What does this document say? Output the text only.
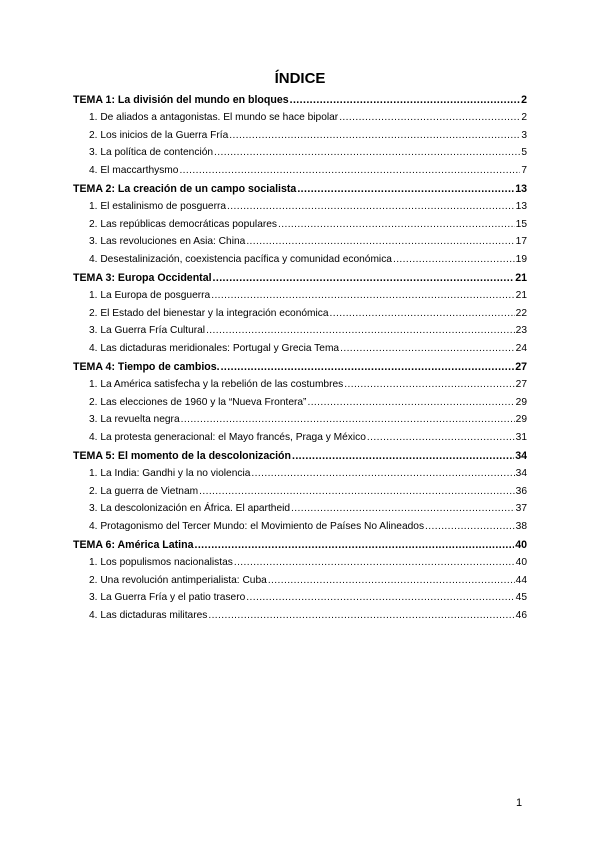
ÍNDICE
TEMA 1: La división del mundo en bloques .....	2
1. De aliados a antagonistas. El mundo se hace bipolar .....	2
2. Los inicios de la Guerra Fría .....	3
3. La política de contención .....	5
4. El maccarthysmo .....	7
TEMA 2: La creación de un campo socialista .....	13
1. El estalinismo de posguerra .....	13
2. Las repúblicas democráticas populares .....	15
3. Las revoluciones en Asia: China .....	17
4. Desestalinización, coexistencia pacífica y comunidad económica .....	19
TEMA 3: Europa Occidental .....	21
1. La Europa de posguerra .....	21
2. El Estado del bienestar y la integración económica .....	22
3. La Guerra Fría Cultural .....	23
4. Las dictaduras meridionales: Portugal y Grecia Tema .....	24
TEMA 4: Tiempo de cambios. .....	27
1. La América satisfecha y la rebelión de las costumbres .....	27
2. Las elecciones de 1960 y la “Nueva Frontera” .....	29
3. La revuelta negra .....	29
4. La protesta generacional: el Mayo francés, Praga y México .....	31
TEMA 5: El momento de la descolonización .....	34
1. La India: Gandhi y la no violencia .....	34
2. La guerra de Vietnam .....	36
3. La descolonización en África. El apartheid .....	37
4. Protagonismo del Tercer Mundo: el Movimiento de Países No Alineados .....	38
TEMA 6: América Latina .....	40
1. Los populismos nacionalistas .....	40
2. Una revolución antimperialista: Cuba .....	44
3. La Guerra Fría y el patio trasero .....	45
4. Las dictaduras militares .....	46
1
